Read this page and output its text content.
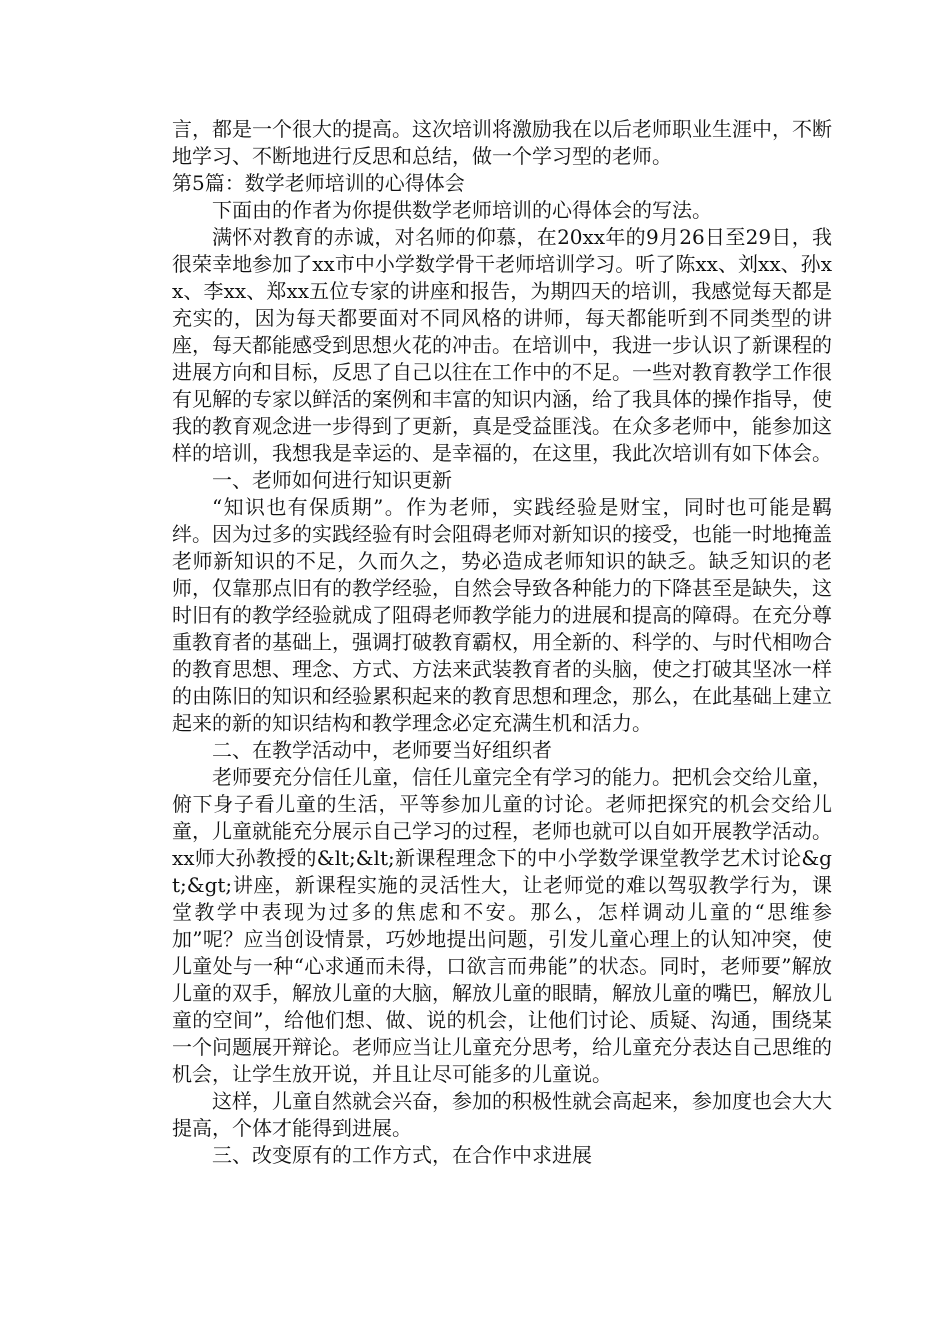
言，都是一个很大的提高。这次培训将激励我在以后老师职业生涯中，不断地学习、不断地进行反思和总结，做一个学习型的老师。

第5篇：数学老师培训的心得体会

下面由的作者为你提供数学老师培训的心得体会的写法。

满怀对教育的赤诚，对名师的仰慕，在20xx年的9月26日至29日，我很荣幸地参加了xx市中小学数学骨干老师培训学习。听了陈xx、刘xx、孙xx、李xx、郑xx五位专家的讲座和报告，为期四天的培训，我感觉每天都是充实的，因为每天都要面对不同风格的讲师，每天都能听到不同类型的讲座，每天都能感受到思想火花的冲击。在培训中，我进一步认识了新课程的进展方向和目标，反思了自己以往在工作中的不足。一些对教育教学工作很有见解的专家以鲜活的案例和丰富的知识内涵，给了我具体的操作指导，使我的教育观念进一步得到了更新，真是受益匪浅。在众多老师中，能参加这样的培训，我想我是幸运的、是幸福的，在这里，我此次培训有如下体会。

一、老师如何进行知识更新

“知识也有保质期”。作为老师，实践经验是财宝，同时也可能是羁绊。因为过多的实践经验有时会阻碍老师对新知识的接受，也能一时地掩盖老师新知识的不足，久而久之，势必造成老师知识的缺乏。缺乏知识的老师，仅靠那点旧有的教学经验，自然会导致各种能力的下降甚至是缺失，这时旧有的教学经验就成了阻碍老师教学能力的进展和提高的障碍。在充分尊重教育者的基础上，强调打破教育霸权，用全新的、科学的、与时代相吻合的教育思想、理念、方式、方法来武装教育者的头脑，使之打破其坚冰一样的由陈旧的知识和经验累积起来的教育思想和理念，那么，在此基础上建立起来的新的知识结构和教学理念必定充满生机和活力。

二、在教学活动中，老师要当好组织者

老师要充分信任儿童，信任儿童完全有学习的能力。把机会交给儿童，俯下身子看儿童的生活，平等参加儿童的讨论。老师把探究的机会交给儿童，儿童就能充分展示自己学习的过程，老师也就可以自如开展教学活动。xx师大孙教授的&lt;&lt;新课程理念下的中小学数学课堂教学艺术讨论&gt;&gt;讲座，新课程实施的灵活性大，让老师觉的难以驾驭教学行为，课堂教学中表现为过多的焦虑和不安。那么，怎样调动儿童的“思维参加”呢？应当创设情景，巧妙地提出问题，引发儿童心理上的认知冲突，使儿童处与一种“心求通而未得，口欲言而弗能”的状态。同时，老师要”解放儿童的双手，解放儿童的大脑，解放儿童的眼睛，解放儿童的嘴巴，解放儿童的空间”，给他们想、做、说的机会，让他们讨论、质疑、沟通，围绕某一个问题展开辩论。老师应当让儿童充分思考，给儿童充分表达自己思维的机会，让学生放开说，并且让尽可能多的儿童说。

这样，儿童自然就会兴奋，参加的积极性就会高起来，参加度也会大大提高，个体才能得到进展。

三、改变原有的工作方式，在合作中求进展
